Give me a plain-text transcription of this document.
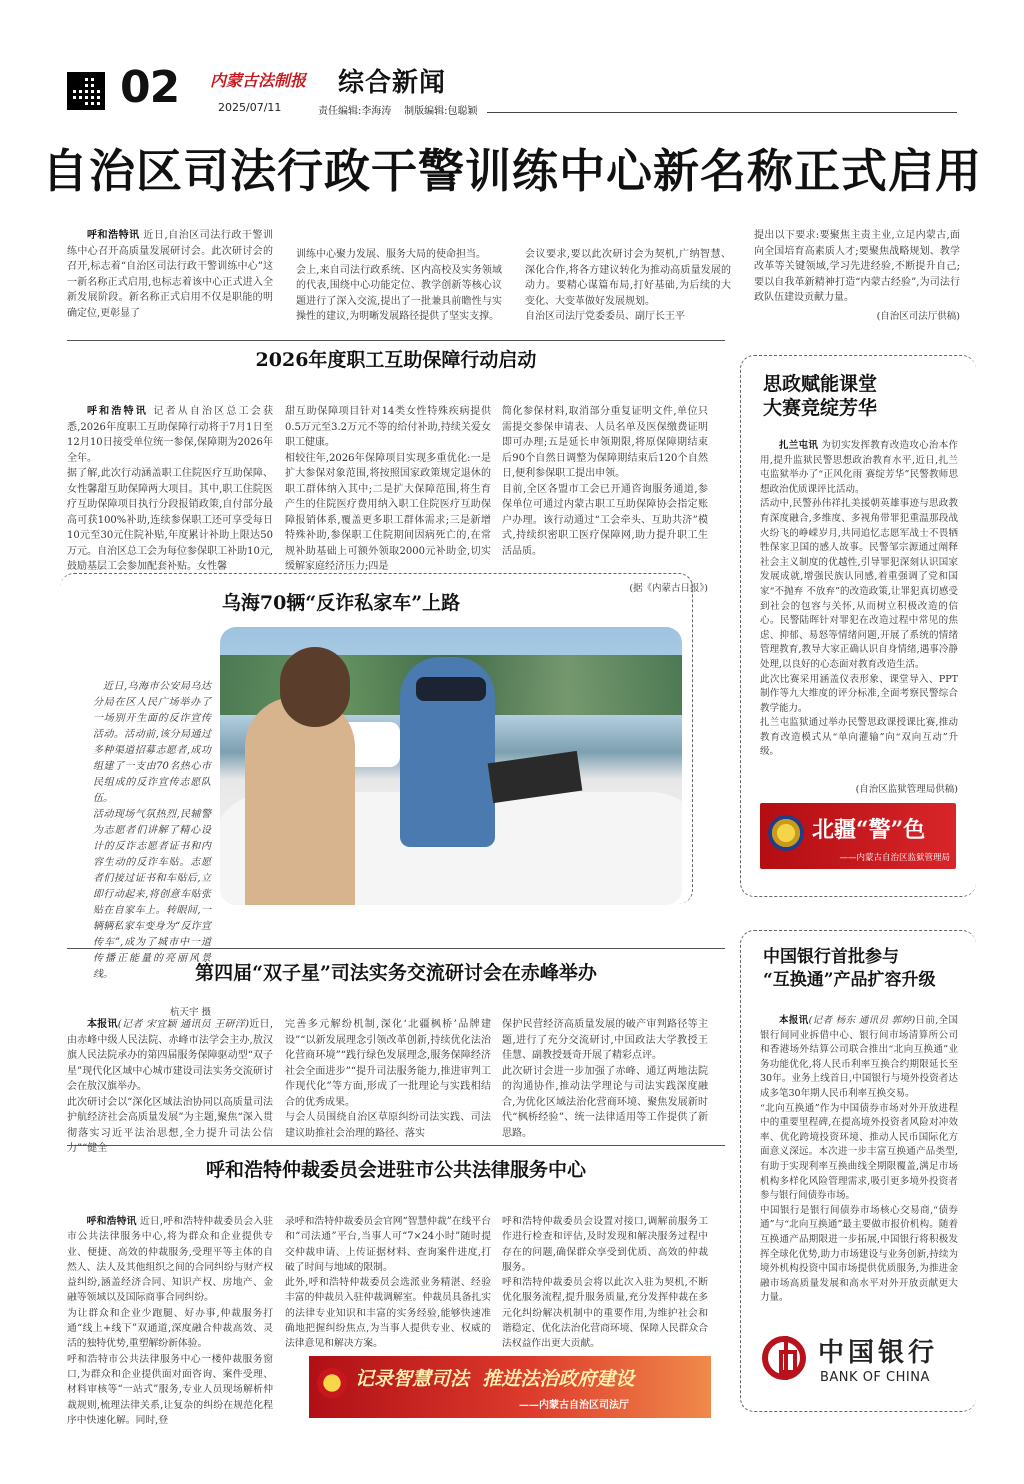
02 内蒙古法制报
2025/07/11
综合新闻
责任编辑:李海涛    制版编辑:包聪颖
自治区司法行政干警训练中心新名称正式启用

呼和浩特讯 近日,自治区司法行政干警训练中心召开高质量发展研讨会。此次研讨会的召开,标志着“自治区司法行政干警训练中心”这一新名称正式启用,也标志着该中心正式进入全新发展阶段。新名称正式启用不仅是职能的明确定位,更彰显了

训练中心聚力发展、服务大局的使命担当。
会上,来自司法行政系统、区内高校及实务领域的代表,围绕中心功能定位、教学创新等核心议题进行了深入交流,提出了一批兼具前瞻性与实操性的建议,为明晰发展路径提供了坚实支撑。

会议要求,要以此次研讨会为契机,广纳智慧、深化合作,将各方建议转化为推动高质量发展的动力。要精心谋篇布局,打好基础,为后续的大变化、大变革做好发展规划。
自治区司法厅党委委员、副厅长王平

提出以下要求:要聚焦主责主业,立足内蒙古,面向全国培育高素质人才;要聚焦战略规划、教学改革等关键领域,学习先进经验,不断提升自己;要以自我革新精神打造“内蒙古经验”,为司法行政队伍建设贡献力量。

(自治区司法厅供稿)

2026年度职工互助保障行动启动

呼和浩特讯 记者从自治区总工会获悉,2026年度职工互助保障行动将于7月1日至12月10日接受单位统一参保,保障期为2026年全年。
据了解,此次行动涵盖职工住院医疗互助保障、女性馨甜互助保障两大项目。其中,职工住院医疗互助保障项目执行分段报销政策,自付部分最高可获100%补助,连续参保职工还可享受每日10元至30元住院补贴,年度累计补助上限达50万元。自治区总工会为每位参保职工补助10元,鼓励基层工会参加配套补贴。女性馨

甜互助保障项目针对14类女性特殊疾病提供0.5万元至3.2万元不等的给付补助,持续关爱女职工健康。
相较往年,2026年保障项目实现多重优化:一是扩大参保对象范围,将按照国家政策规定退休的职工群体纳入其中;二是扩大保障范围,将生育产生的住院医疗费用纳入职工住院医疗互助保障报销体系,覆盖更多职工群体需求;三是新增特殊补助,参保职工住院期间因病死亡的,在常规补助基础上可额外领取2000元补助金,切实缓解家庭经济压力;四是

简化参保材料,取消部分重复证明文件,单位只需提交参保申请表、人员名单及医保缴费证明即可办理;五是延长申领期限,将原保障期结束后90个自然日调整为保障期结束后120个自然日,便利参保职工提出申领。
目前,全区各盟市工会已开通咨询服务通道,参保单位可通过内蒙古职工互助保障协会指定账户办理。该行动通过“工会牵头、互助共济”模式,持续织密职工医疗保障网,助力提升职工生活品质。

(据《内蒙古日报》)

乌海70辆“反诈私家车”上路

近日,乌海市公安局乌达分局在区人民广场举办了一场别开生面的反诈宣传活动。活动前,该分局通过多种渠道招募志愿者,成功组建了一支由70名热心市民组成的反诈宣传志愿队伍。
活动现场气氛热烈,民辅警为志愿者们讲解了精心设计的反诈志愿者证书和内容生动的反诈车贴。志愿者们接过证书和车贴后,立即行动起来,将创意车贴张贴在自家车上。转眼间,一辆辆私家车变身为“反诈宣传车”,成为了城市中一道传播正能量的亮丽风景线。

杭天宇 摄

思政赋能课堂
大赛竞绽芳华

扎兰屯讯 为切实发挥教育改造攻心治本作用,提升监狱民警思想政治教育水平,近日,扎兰屯监狱举办了“正风化雨 赛绽芳华”民警教师思想政治优质课评比活动。
活动中,民警孙伟祥扎美援朝英雄事迹与思政教育深度融合,多维度、多视角带罪犯重温那段战火纷飞的峥嵘岁月,共同追忆志愿军战士不畏牺牲保家卫国的感人故事。民警邹宗源通过阐释社会主义制度的优越性,引导罪犯深刻认识国家发展成就,增强民族认同感,着重强调了党和国家“不抛弃 不放弃”的改造政策,让罪犯真切感受到社会的包容与关怀,从而树立积极改造的信心。民警陆晖针对罪犯在改造过程中常见的焦虑、抑郁、易怒等情绪问题,开展了系统的情绪管理教育,教导大家正确认识自身情绪,遇事冷静处理,以良好的心态面对教育改造生活。
此次比赛采用涵盖仪表形象、课堂导入、PPT制作等九大维度的评分标准,全面考察民警综合教学能力。
扎兰屯监狱通过举办民警思政课授课比赛,推动教育改造模式从“单向灌输”向“双向互动”升级。

(自治区监狱管理局供稿)

北疆“警”色
——内蒙古自治区监狱管理局
第四届“双子星”司法实务交流研讨会在赤峰举办

本报讯(记者 宋宜颖 通讯员 王研洋)近日,由赤峰中级人民法院、赤峰市法学会主办,敖汉旗人民法院承办的第四届服务保障驱动型“双子星”现代化区域中心城市建设司法实务交流研讨会在敖汉旗举办。
此次研讨会以“深化区域法治协同以高质量司法护航经济社会高质量发展”为主题,聚焦“深入贯彻落实习近平法治思想,全力提升司法公信力”“健全

完善多元解纷机制,深化‘北疆枫桥’品牌建设”“以新发展理念引领改革创新,持续优化法治化营商环境”“践行绿色发展理念,服务保障经济社会全面进步”“提升司法服务能力,推进审判工作现代化”等方面,形成了一批理论与实践相结合的优秀成果。
与会人员围绕自治区草原纠纷司法实践、司法建议助推社会治理的路径、落实

保护民营经济高质量发展的破产审判路径等主题,进行了充分交流研讨,中国政法大学教授王佳慧、副教授聂奇开展了精彩点评。
此次研讨会进一步加强了赤峰、通辽两地法院的沟通协作,推动法学理论与司法实践深度融合,为优化区域法治化营商环境、聚焦发展新时代“枫桥经验”、统一法律适用等工作提供了新思路。

中国银行首批参与
“互换通”产品扩容升级

本报讯(记者 杨东 通讯员 郭婷)日前,全国银行间同业拆借中心、银行间市场清算所公司和香港场外结算公司联合推出“北向互换通”业务功能优化,将人民币利率互换合约期限延长至30年。业务上线首日,中国银行与境外投资者达成多笔30年期人民币利率互换交易。
“北向互换通”作为中国债券市场对外开放进程中的重要里程碑,在提高境外投资者风险对冲效率、优化跨境投资环境、推动人民币国际化方面意义深远。本次进一步丰富互换通产品类型,有助于实现利率互换曲线全期限覆盖,满足市场机构多样化风险管理需求,吸引更多境外投资者参与银行间债券市场。
中国银行是银行间债券市场核心交易商,“债券通”与“北向互换通”最主要做市报价机构。随着互换通产品期限进一步拓展,中国银行将积极发挥全球化优势,助力市场建设与业务创新,持续为境外机构投资中国市场提供优质服务,为推进金融市场高质量发展和高水平对外开放贡献更大力量。

中国银行
BANK OF CHINA
呼和浩特仲裁委员会进驻市公共法律服务中心

呼和浩特讯 近日,呼和浩特仲裁委员会入驻市公共法律服务中心,将为群众和企业提供专业、便捷、高效的仲裁服务,受理平等主体的自然人、法人及其他组织之间的合同纠纷与财产权益纠纷,涵盖经济合同、知识产权、房地产、金融等领域以及国际商事合同纠纷。
为让群众和企业少跑腿、好办事,仲裁服务打通“线上+线下”双通道,深度融合仲裁高效、灵活的独特优势,重塑解纷新体验。
呼和浩特市公共法律服务中心一楼仲裁服务窗口,为群众和企业提供面对面咨询、案件受理、材料审核等“一站式”服务,专业人员现场解析仲裁规则,梳理法律关系,让复杂的纠纷在规范化程序中快速化解。同时,登

录呼和浩特仲裁委员会官网“智慧仲裁”在线平台和“司法通”平台,当事人可“7×24小时”随时提交仲裁申请、上传证据材料、查询案件进度,打破了时间与地域的限制。
此外,呼和浩特仲裁委员会选派业务精湛、经验丰富的仲裁员入驻仲裁调解室。仲裁员具备扎实的法律专业知识和丰富的实务经验,能够快速准确地把握纠纷焦点,为当事人提供专业、权威的法律意见和解决方案。

呼和浩特仲裁委员会设置对接口,调解前服务工作进行检查和评估,及时发现和解决服务过程中存在的问题,确保群众享受到优质、高效的仲裁服务。
呼和浩特仲裁委员会将以此次入驻为契机,不断优化服务流程,提升服务质量,充分发挥仲裁在多元化纠纷解决机制中的重要作用,为维护社会和谐稳定、优化法治化营商环境、保障人民群众合法权益作出更大贡献。

记录智慧司法  推进法治政府建设
——内蒙古自治区司法厅
